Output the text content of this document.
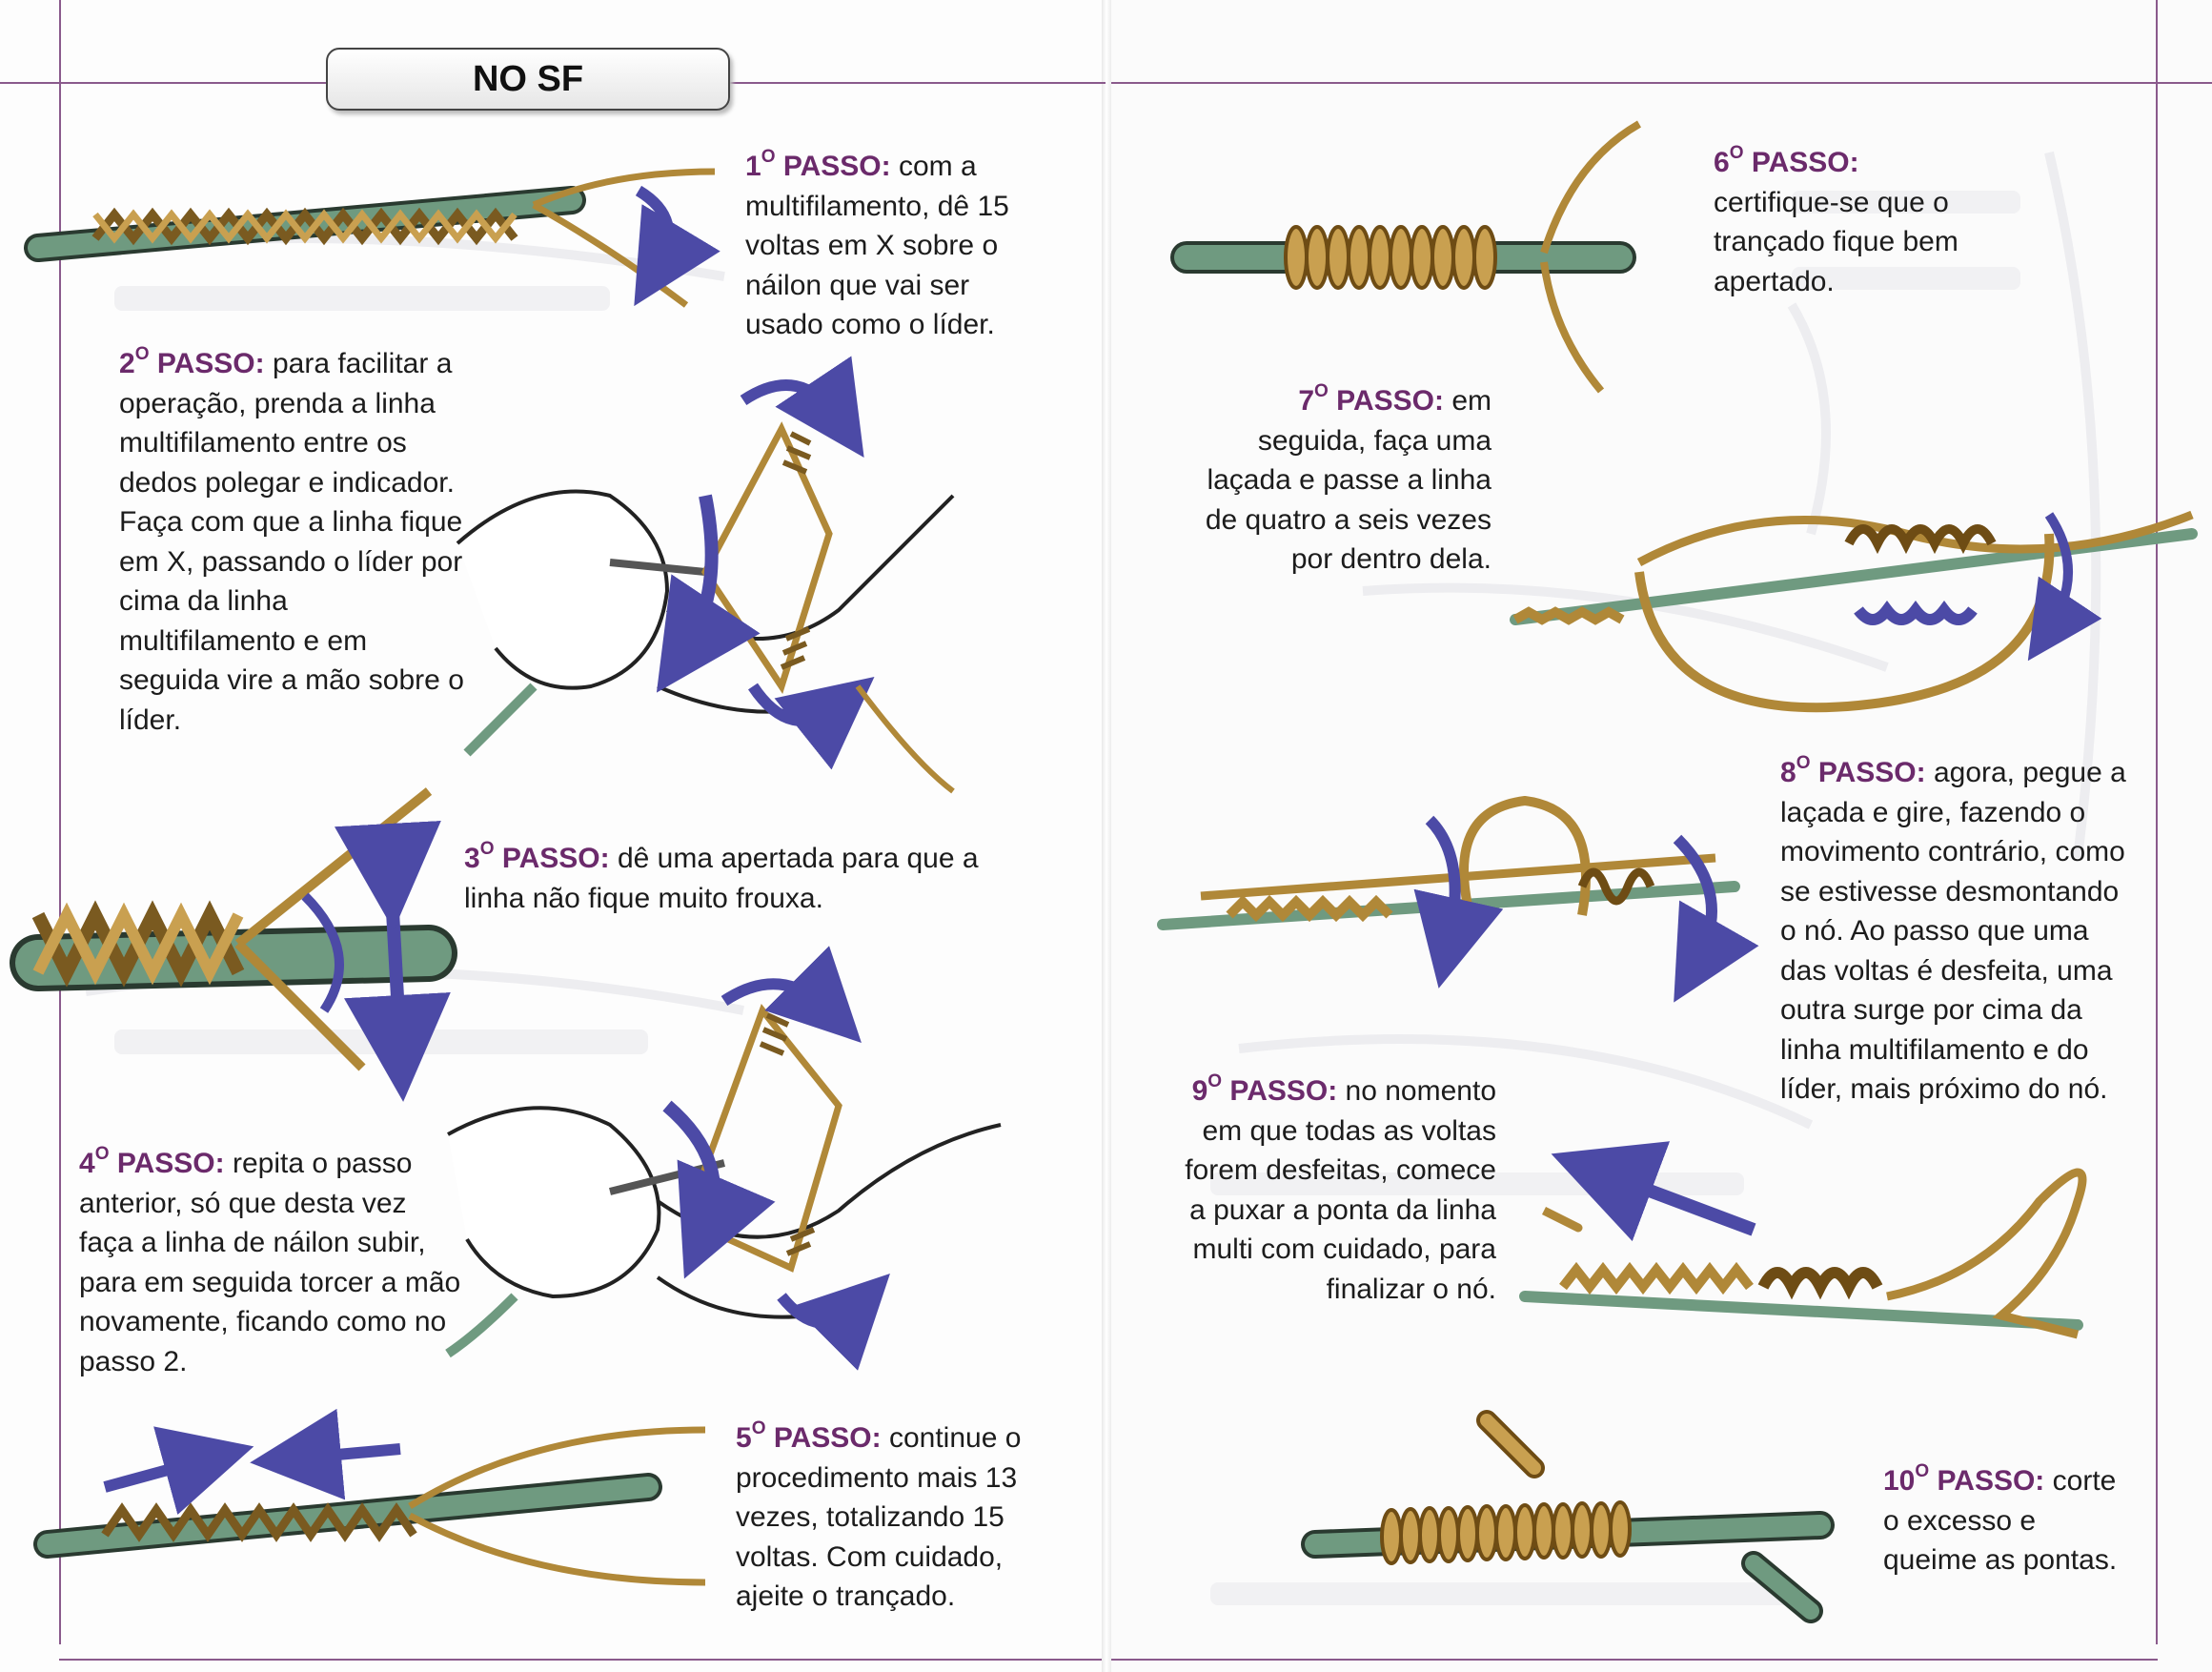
NO SF
$1^O$ PASSO: com a multifilamento, dê 15 voltas em X sobre o náilon que vai ser usado como o líder.
$2^O$ PASSO: para facilitar a operação, prenda a linha multifilamento entre os dedos polegar e indicador. Faça com que a linha fique em X, passando o líder por cima da linha multifilamento e em seguida vire a mão sobre o líder.
$3^O$ PASSO: dê uma apertada para que a linha não fique muito frouxa.
$4^O$ PASSO: repita o passo anterior, só que desta vez faça a linha de náilon subir, para em seguida torcer a mão novamente, ficando como no passo 2.
$5^O$ PASSO: continue o procedimento mais 13 vezes, totalizando 15 voltas. Com cuidado, ajeite o trançado.
$6^O$ PASSO: certifique-se que o trançado fique bem apertado.
$7^O$ PASSO: em seguida, faça uma laçada e passe a linha de quatro a seis vezes por dentro dela.
$8^O$ PASSO: agora, pegue a laçada e gire, fazendo o movimento contrário, como se estivesse desmontando o nó. Ao passo que uma das voltas é desfeita, uma outra surge por cima da linha multifilamento e do líder, mais próximo do nó.
$9^O$ PASSO: no nomento em que todas as voltas forem desfeitas, comece a puxar a ponta da linha multi com cuidado, para finalizar o nó.
$10^O$ PASSO: corte o excesso e queime as pontas.
